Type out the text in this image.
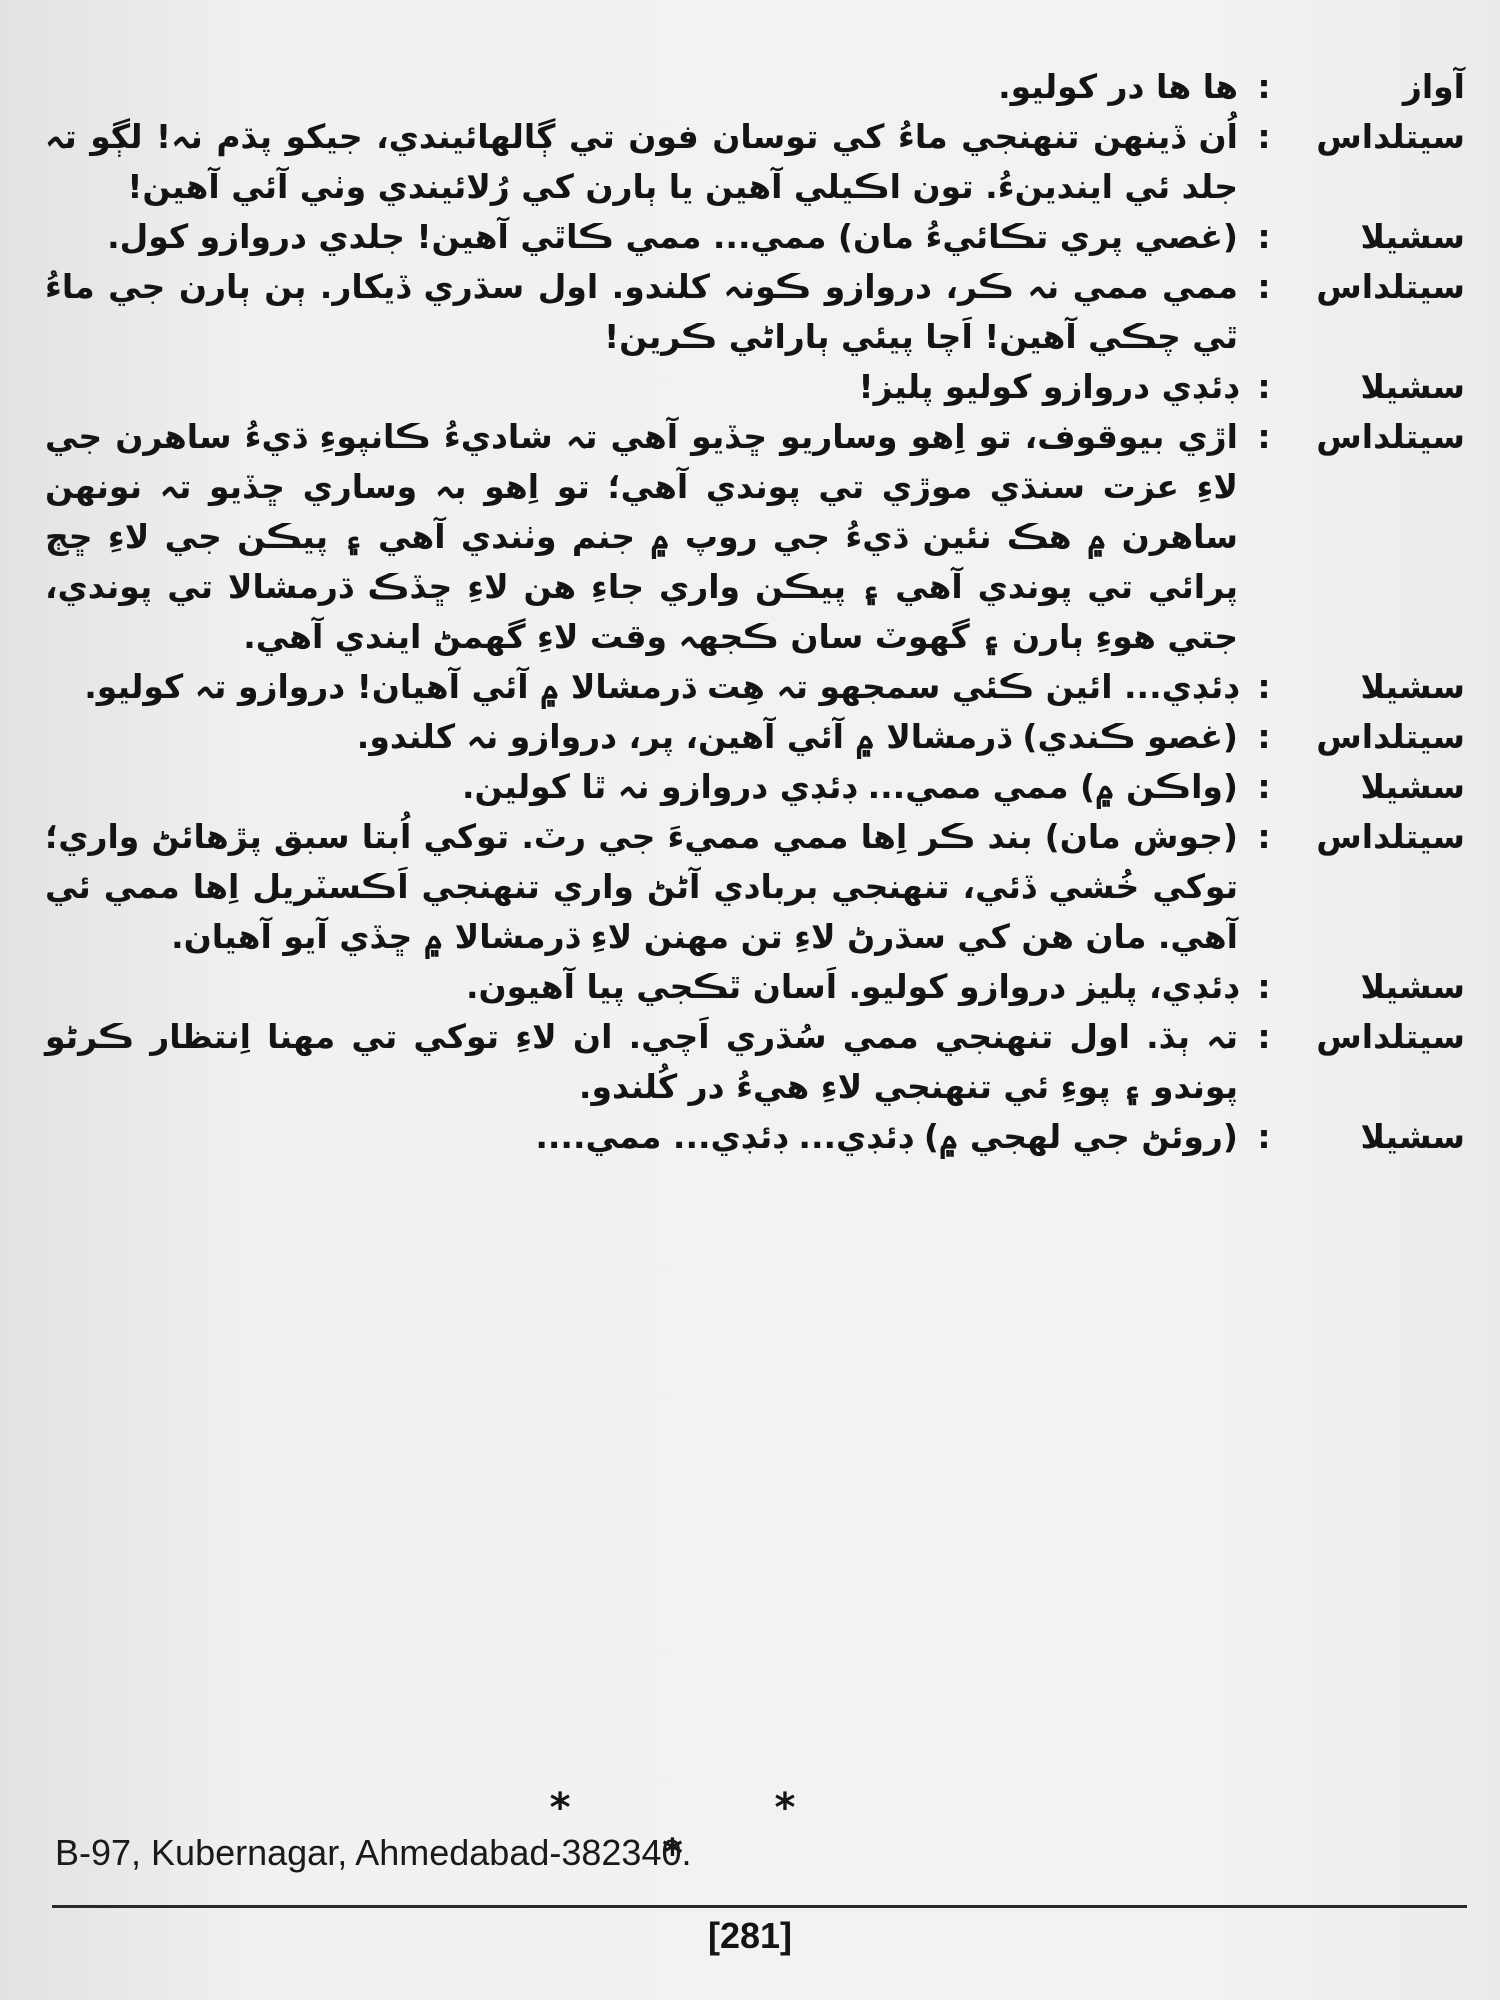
آواز
:
ها ها در کوليو.
سيتلداس
:
اُن ڏينهن تنهنجي ماءُ کي توسان فون تي ڳالهائيندي، جيکو پڌم نہ! لڳو تہ جلد ئي ايندينءُ. تون اڪيلي آهين يا ٻارن کي رُلائيندي وٺي آئي آهين!
سشيلا
:
(غصي پري تڪائيءُ مان) ممي... ممي ڪاٿي آهين! جلدي دروازو کول.
سيتلداس
:
ممي ممي نہ ڪر، دروازو ڪونہ کلندو. اول سڌري ڏيکار. ٻن ٻارن جي ماءُ ٿي چڪي آهين! اَچا پيئي ٻاراڻي ڪرين!
سشيلا
:
ڊئڊي دروازو کوليو پليز!
سيتلداس
:
اڙي بيوقوف، تو اِهو وساريو ڇڏيو آهي تہ شاديءُ ڪانپوءِ ڌيءُ ساهرن جي لاءِ عزت سنڌي موڙي تي پوندي آهي؛ تو اِهو بہ وساري ڇڏيو تہ نونهن ساهرن ۾ هڪ نئين ڌيءُ جي روپ ۾ جنم وٺندي آهي ۽ پيڪن جي لاءِ ڇڄ پرائي تي پوندي آهي ۽ پيڪن واري جاءِ هن لاءِ ڇڏڪ ڌرمشالا تي پوندي، جتي هوءِ ٻارن ۽ گهوٽ سان ڪجهہ وقت لاءِ گهمڻ ايندي آهي.
سشيلا
:
ڊئڊي... ائين ڪئي سمجهو تہ هِت ڌرمشالا ۾ آئي آهيان! دروازو تہ کوليو.
سيتلداس
:
(غصو ڪندي) ڌرمشالا ۾ آئي آهين، پر، دروازو نہ کلندو.
سشيلا
:
(واڪن ۾) ممي ممي... ڊئڊي دروازو نہ ٿا کولين.
سيتلداس
:
(جوش مان) بند ڪر اِها ممي مميءَ جي رٽ. توکي اُبتا سبق پڙهائڻ واري؛ توکي خُشي ڏئي، تنهنجي بربادي آڻڻ واري تنهنجي اَڪسٽريل اِها ممي ئي آهي. مان هن کي سڌرڻ لاءِ تن مهنن لاءِ ڌرمشالا ۾ ڇڏي آيو آهيان.
سشيلا
:
ڊئڊي، پليز دروازو کوليو. اَسان ٿڪجي پيا آهيون.
سيتلداس
:
تہ ٻڌ. اول تنهنجي ممي سُڌري اَچي. ان لاءِ توکي تي مهنا اِنتظار ڪرڻو پوندو ۽ پوءِ ئي تنهنجي لاءِ هيءُ در کُلندو.
سشيلا
:
(روئڻ جي لهجي ۾) ڊئڊي... ڊئڊي... ممي....
* * *
B-97, Kubernagar, Ahmedabad-382340.
[281]
